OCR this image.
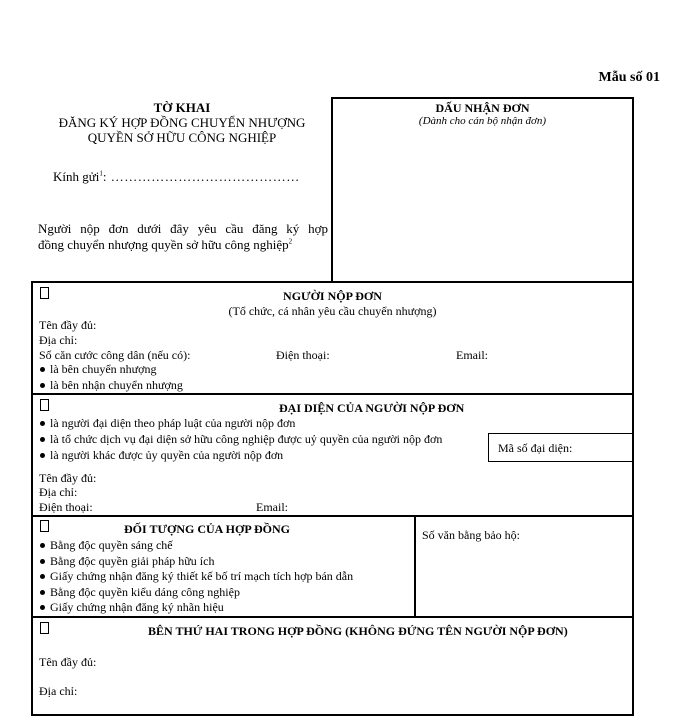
Mẫu số 01
TỜ KHAI
ĐĂNG KÝ HỢP ĐỒNG CHUYỂN NHƯỢNG
QUYỀN SỞ HỮU CÔNG NGHIỆP
Kính gửi$^1$: ……………………………………
Người nộp đơn dưới đây yêu cầu đăng ký hợp
đồng chuyển nhượng quyền sở hữu công nghiệp$^2$
DẤU NHẬN ĐƠN
(Dành cho cán bộ nhận đơn)
NGƯỜI NỘP ĐƠN
(Tổ chức, cá nhân yêu cầu chuyển nhượng)
Tên đầy đủ:
Địa chỉ:
Số căn cước công dân (nếu có):	Điện thoại:	Email:
là bên chuyển nhượng
là bên nhận chuyển nhượng
ĐẠI DIỆN CỦA NGƯỜI NỘP ĐƠN
là người đại diện theo pháp luật của người nộp đơn
là tổ chức dịch vụ đại diện sở hữu công nghiệp được uỷ quyền của người nộp đơn
là người khác được ủy quyền của người nộp đơn	Mã số đại diện:
Tên đầy đủ:
Địa chỉ:
Điện thoại:	Email:
Số văn bằng bảo hộ:
ĐỐI TƯỢNG CỦA HỢP ĐỒNG
Bằng độc quyền sáng chế
Bằng độc quyền giải pháp hữu ích
Giấy chứng nhận đăng ký thiết kế bố trí mạch tích hợp bán dẫn
Bằng độc quyền kiểu dáng công nghiệp
Giấy chứng nhận đăng ký nhãn hiệu
BÊN THỨ HAI TRONG HỢP ĐỒNG (KHÔNG ĐỨNG TÊN NGƯỜI NỘP ĐƠN)
Tên đầy đủ:
Địa chỉ:
